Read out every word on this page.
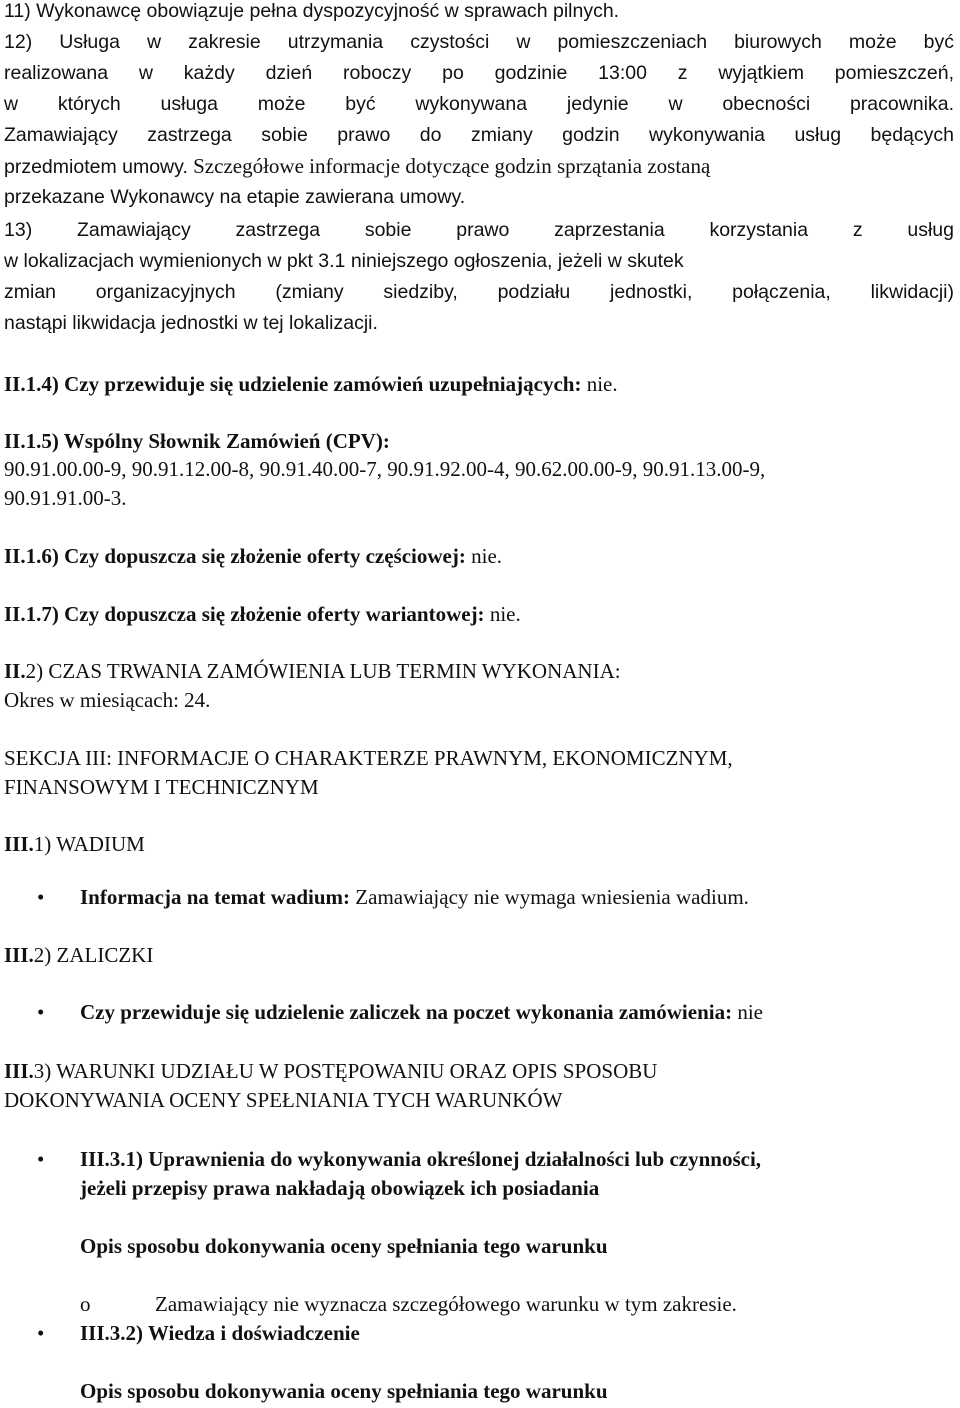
11) Wykonawcę obowiązuje pełna dyspozycyjność w sprawach pilnych.

12) Usługa w zakresie utrzymania czystości w pomieszczeniach biurowych może być

realizowana w każdy dzień roboczy po godzinie 13:00 z wyjątkiem pomieszczeń,

w których usługa może być wykonywana jedynie w obecności pracownika.

Zamawiający zastrzega sobie prawo do zmiany godzin wykonywania usług będących

przedmiotem umowy. Szczegółowe informacje dotyczące godzin sprzątania zostaną

przekazane Wykonawcy na etapie zawierana umowy.

13) Zamawiający zastrzega sobie prawo zaprzestania korzystania z usług

w lokalizacjach wymienionych w pkt 3.1 niniejszego ogłoszenia, jeżeli w skutek

zmian organizacyjnych (zmiany siedziby, podziału jednostki, połączenia, likwidacji)

nastąpi likwidacja jednostki w tej lokalizacji.

II.1.4) Czy przewiduje się udzielenie zamówień uzupełniających: nie.

II.1.5) Wspólny Słownik Zamówień (CPV):

90.91.00.00-9, 90.91.12.00-8, 90.91.40.00-7, 90.91.92.00-4, 90.62.00.00-9, 90.91.13.00-9,

90.91.91.00-3.

II.1.6) Czy dopuszcza się złożenie oferty częściowej: nie.

II.1.7) Czy dopuszcza się złożenie oferty wariantowej: nie.

II.2) CZAS TRWANIA ZAMÓWIENIA LUB TERMIN WYKONANIA:

Okres w miesiącach: 24.

SEKCJA III: INFORMACJE O CHARAKTERZE PRAWNYM, EKONOMICZNYM,

FINANSOWYM I TECHNICZNYM

III.1) WADIUM

• Informacja na temat wadium: Zamawiający nie wymaga wniesienia wadium.

III.2) ZALICZKI

• Czy przewiduje się udzielenie zaliczek na poczet wykonania zamówienia: nie

III.3) WARUNKI UDZIAŁU W POSTĘPOWANIU ORAZ OPIS SPOSOBU

DOKONYWANIA OCENY SPEŁNIANIA TYCH WARUNKÓW

• III.3.1) Uprawnienia do wykonywania określonej działalności lub czynności,

jeżeli przepisy prawa nakładają obowiązek ich posiadania

Opis sposobu dokonywania oceny spełniania tego warunku

o	Zamawiający nie wyznacza szczegółowego warunku w tym zakresie.

• III.3.2) Wiedza i doświadczenie

Opis sposobu dokonywania oceny spełniania tego warunku
